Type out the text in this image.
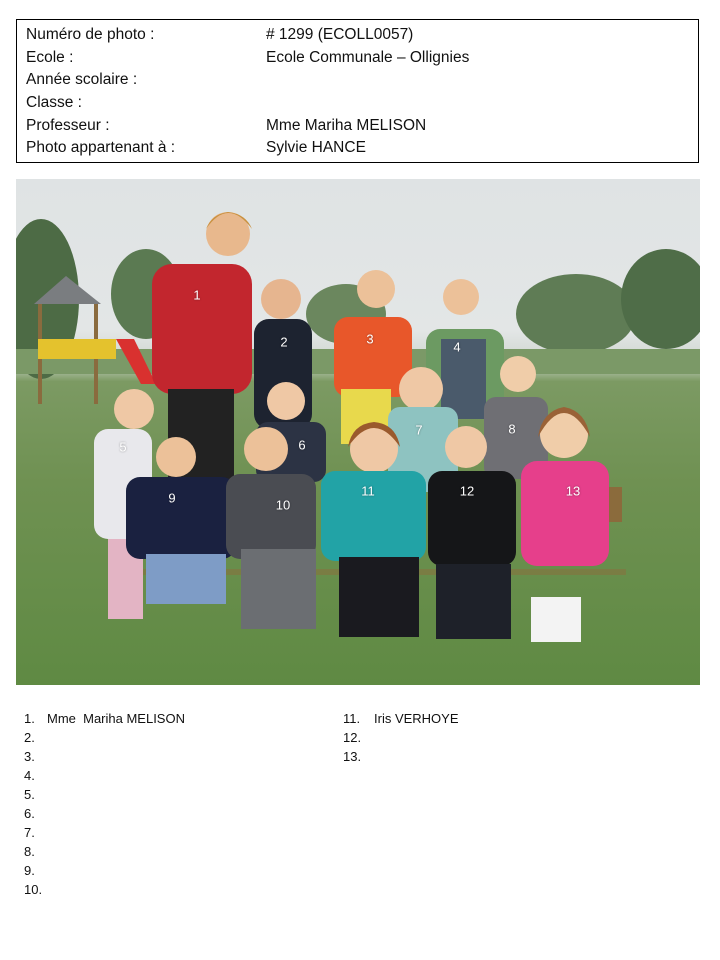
Numéro de photo :	# 1299 (ECOLL0057)
Ecole :	Ecole Communale – Ollignies
Année scolaire :
Classe :
Professeur :	Mme Mariha MELISON
Photo appartenant à :	Sylvie HANCE
1
2	3
4
5	6
7	8
9	10
11	12	13
1. Mme  Mariha MELISON
2.
3.
4.
5.
6.
7.
8.
9.
10.
11.	Iris VERHOYE
12.
13.
